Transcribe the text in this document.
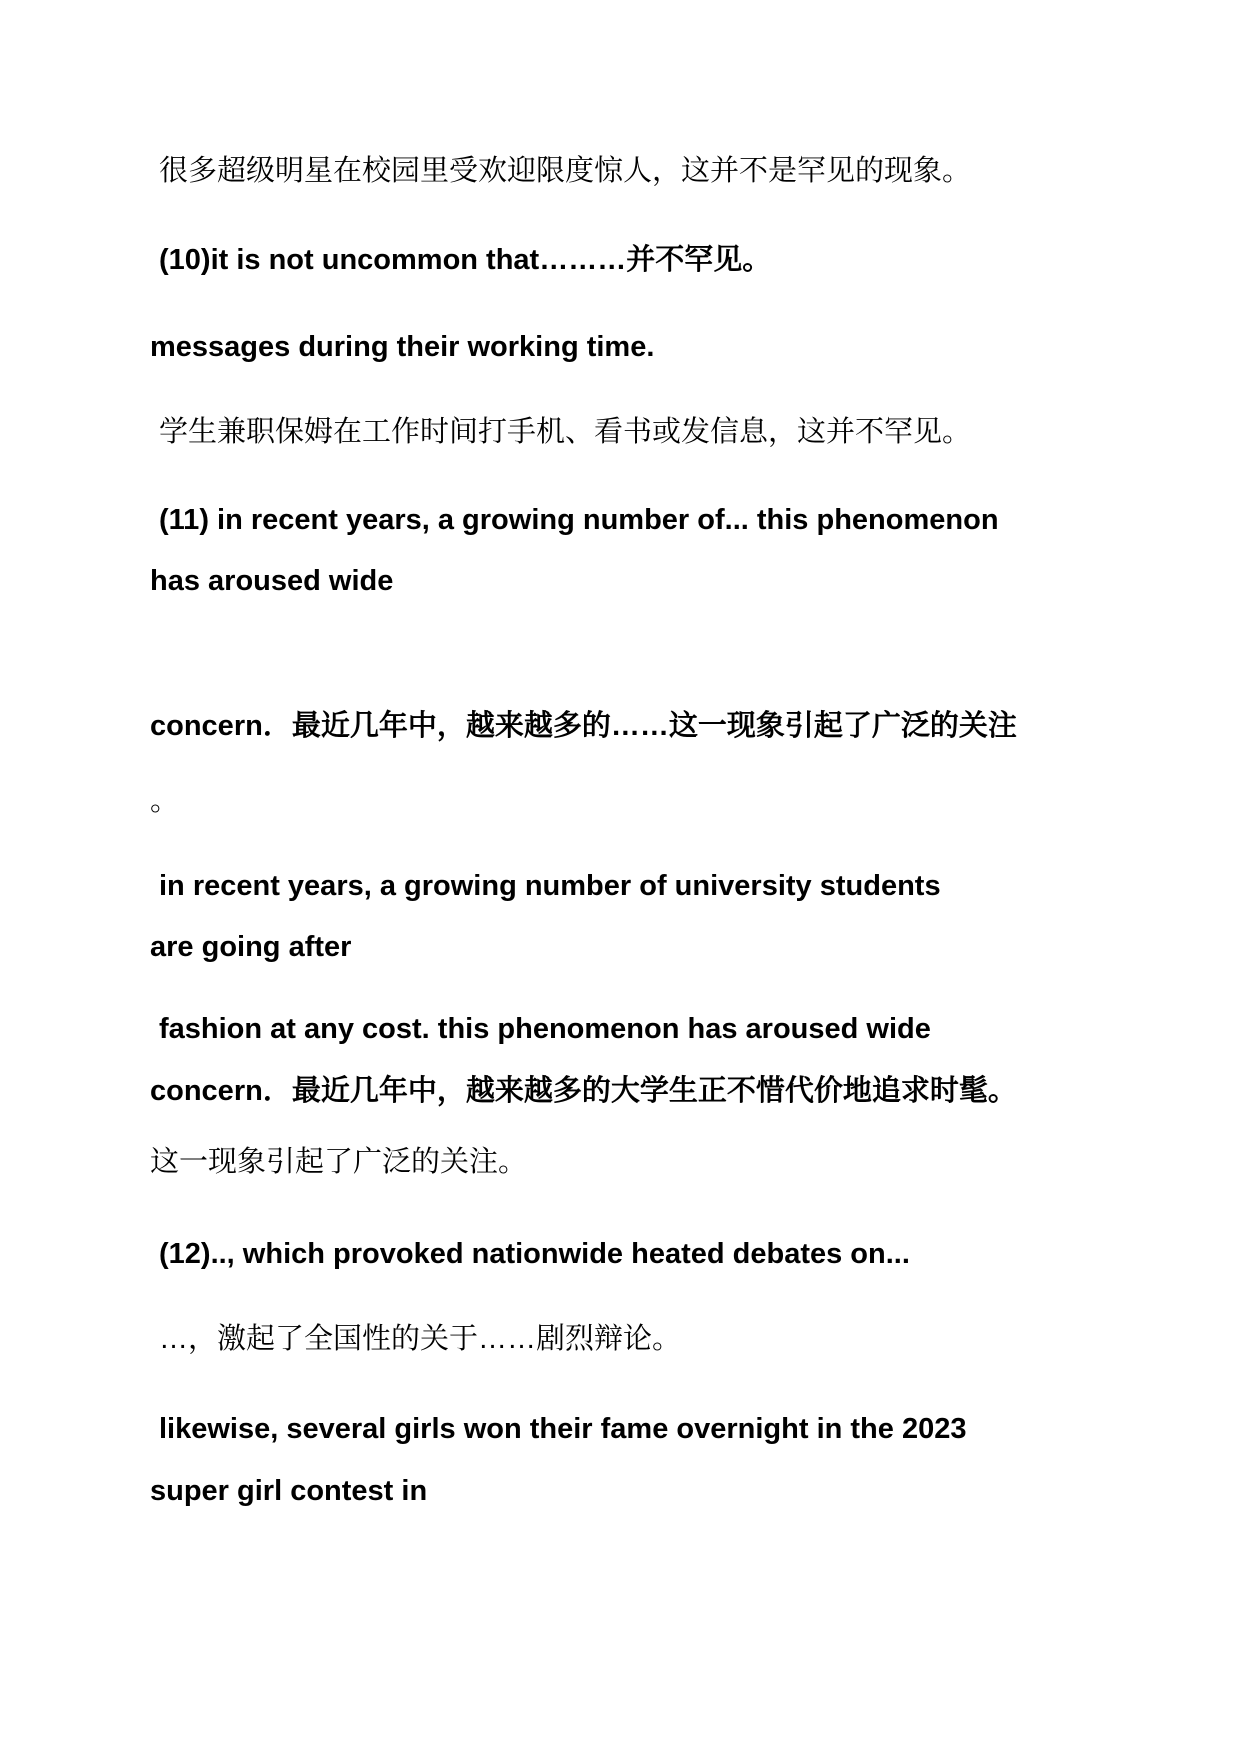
很多超级明星在校园里受欢迎限度惊人，这并不是罕见的现象。
(10)it is not uncommon that………并不罕见。
messages during their working time.
学生兼职保姆在工作时间打手机、看书或发信息，这并不罕见。
(11) in recent years, a growing number of... this phenomenon
has aroused wide
concern．最近几年中，越来越多的……这一现象引起了广泛的关注
。
in recent years, a growing number of university students
are going after
fashion at any cost. this phenomenon has aroused wide
concern．最近几年中，越来越多的大学生正不惜代价地追求时髦。
这一现象引起了广泛的关注。
(12).., which provoked nationwide heated debates on...
…，激起了全国性的关于……剧烈辩论。
likewise, several girls won their fame overnight in the 2023
super girl contest in
